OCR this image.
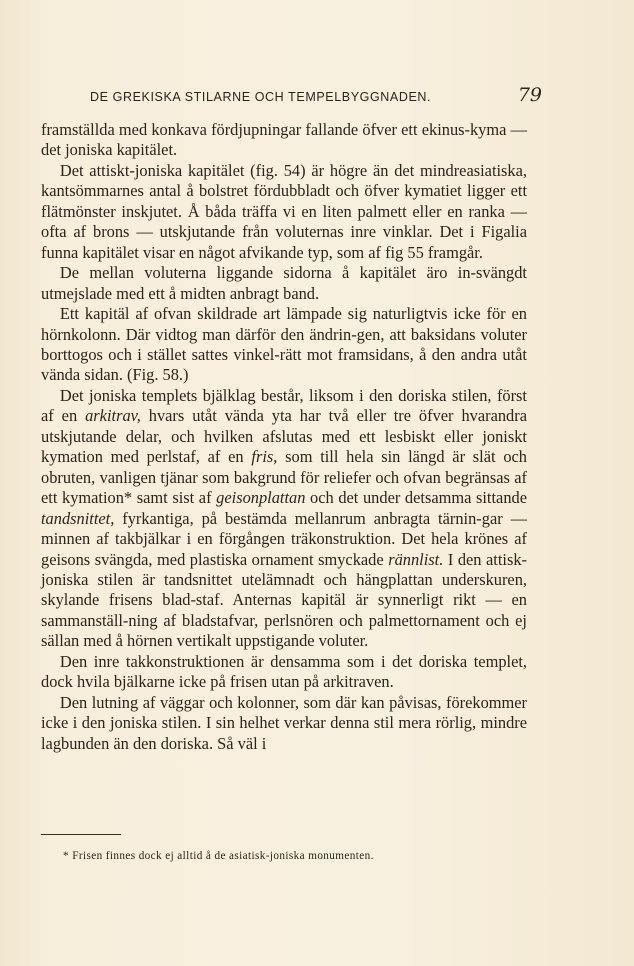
DE GREKISKA STILARNE OCH TEMPELBYGGNADEN.	79

framställda med konkava fördjupningar fallande öfver ett ekinus-kyma — det joniska kapitälet.

Det attiskt-joniska kapitälet (fig. 54) är högre än det mindreasiatiska, kantsömmarnes antal å bolstret fördubbladt och öfver kymatiet ligger ett flätmönster inskjutet. Å båda träffa vi en liten palmett eller en ranka — ofta af brons — utskjutande från voluternas inre vinklar. Det i Figalia funna kapitälet visar en något afvikande typ, som af fig 55 framgår.

De mellan voluterna liggande sidorna å kapitälet äro in-svängdt utmejslade med ett å midten anbragt band.

Ett kapitäl af ofvan skildrade art lämpade sig naturligtvis icke för en hörnkolonn. Där vidtog man därför den ändrin-gen, att baksidans voluter borttogos och i stället sattes vinkel-rätt mot framsidans, å den andra utåt vända sidan. (Fig. 58.)

Det joniska templets bjälklag består, liksom i den doriska stilen, först af en arkitrav, hvars utåt vända yta har två eller tre öfver hvarandra utskjutande delar, och hvilken afslutas med ett lesbiskt eller joniskt kymation med perlstaf, af en fris, som till hela sin längd är slät och obruten, vanligen tjänar som bakgrund för reliefer och ofvan begränsas af ett kymation* samt sist af geisonplattan och det under detsamma sittande tandsnittet, fyrkantiga, på bestämda mellanrum anbragta tärnin-gar — minnen af takbjälkar i en förgången träkonstruktion. Det hela krönes af geisons svängda, med plastiska ornament smyckade rännlist. I den attisk-joniska stilen är tandsnittet utelämnadt och hängplattan underskuren, skylande frisens blad-staf. Anternas kapitäl är synnerligt rikt — en sammanställ-ning af bladstafvar, perlsnören och palmettornament och ej sällan med å hörnen vertikalt uppstigande voluter.

Den inre takkonstruktionen är densamma som i det doriska templet, dock hvila bjälkarne icke på frisen utan på arkitraven.

Den lutning af väggar och kolonner, som där kan påvisas, förekommer icke i den joniska stilen. I sin helhet verkar denna stil mera rörlig, mindre lagbunden än den doriska. Så väl i

* Frisen finnes dock ej alltid å de asiatisk-joniska monumenten.
